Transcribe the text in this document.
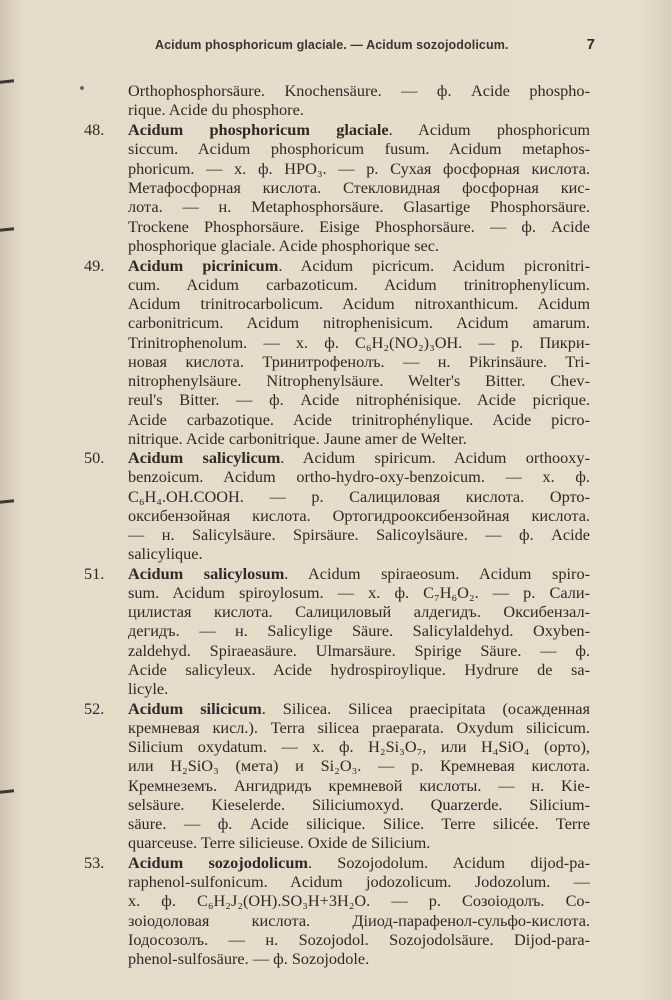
Acidum phosphoricum glaciale. — Acidum sozojodolicum.	7
Orthophosphorsäure. Knochensäure. — ф. Acide phospho-
rique. Acide du phosphore.
48.	Acidum phosphoricum glaciale. Acidum phosphoricum
siccum. Acidum phosphoricum fusum. Acidum metaphos-
phoricum. — х. ф. HPO₃. — р. Сухая фосфорная кислота.
Метафосфорная кислота. Стекловидная фосфорная кис-
лота. — н. Metaphosphorsäure. Glasartige Phosphorsäure.
Trockene Phosphorsäure. Eisige Phosphorsäure. — ф. Acide
phosphorique glaciale. Acide phosphorique sec.
49.	Acidum picrinicum. Acidum picricum. Acidum picronitri-
cum. Acidum carbazoticum. Acidum trinitrophenylicum.
Acidum trinitrocarbolicum. Acidum nitroxanthicum. Acidum
carbonitricum. Acidum nitrophenisicum. Acidum amarum.
Trinitrophenolum. — х. ф. C₆H₂(NO₂)₃OH. — р. Пикри-
новая кислота. Тринитрофенолъ. — н. Pikrinsäure. Tri-
nitrophenylsäure. Nitrophenylsäure. Welter's Bitter. Chev-
reul's Bitter. — ф. Acide nitrophénisique. Acide picrique.
Acide carbazotique. Acide trinitrophénylique. Acide picro-
nitrique. Acide carbonitrique. Jaune amer de Welter.
50.	Acidum salicylicum. Acidum spiricum. Acidum orthooxy-
benzoicum. Acidum ortho-hydro-oxy-benzoicum. — х. ф.
C₆H₄.OH.COOH. — р. Салициловая кислота. Орто-
оксибензойная кислота. Ортогидрооксибензойная кислота.
— н. Salicylsäure. Spirsäure. Salicoylsäure. — ф. Acide
salicylique.
51.	Acidum salicylosum. Acidum spiraeosum. Acidum spiro-
sum. Acidum spiroylosum. — х. ф. C₇H₆O₂. — р. Сали-
цилистая кислота. Салициловый алдегидъ. Оксибензал-
дегидъ. — н. Salicylige Säure. Salicylaldehyd. Oxyben-
zaldehyd. Spiraeasäure. Ulmarsäure. Spirige Säure. — ф.
Acide salicyleux. Acide hydrospiroylique. Hydrure de sa-
licyle.
52.	Acidum silicicum. Silicea. Silicea praecipitata (осажденная
кремневая кисл.). Terra silicea praeparata. Oxydum silicicum.
Silicium oxydatum. — х. ф. H₂Si₃O₇, или H₄SiO₄ (орто),
или H₂SiO₃ (мета) и Si₂O₃. — р. Кремневая кислота.
Кремнеземъ. Ангидридъ кремневой кислоты. — н. Kie-
selsäure. Kieselerde. Siliciumoxyd. Quarzerde. Silicium-
säure. — ф. Acide silicique. Silice. Terre silicée. Terre
quarceuse. Terre silicieuse. Oxide de Silicium.
53.	Acidum sozojodolicum. Sozojodolum. Acidum dijod-pa-
raphenol-sulfonicum. Acidum jodozolicum. Jodozolum. —
х. ф. C₆H₂J₂(OH).SO₃H+3H₂O. — р. Созоіодолъ. Со-
зоіодоловая кислота. Діиод-парафенол-сульфо-кислота.
Іодосозолъ. — н. Sozojodol. Sozojodolsäure. Dijod-para-
phenol-sulfosäure. — ф. Sozojodole.
